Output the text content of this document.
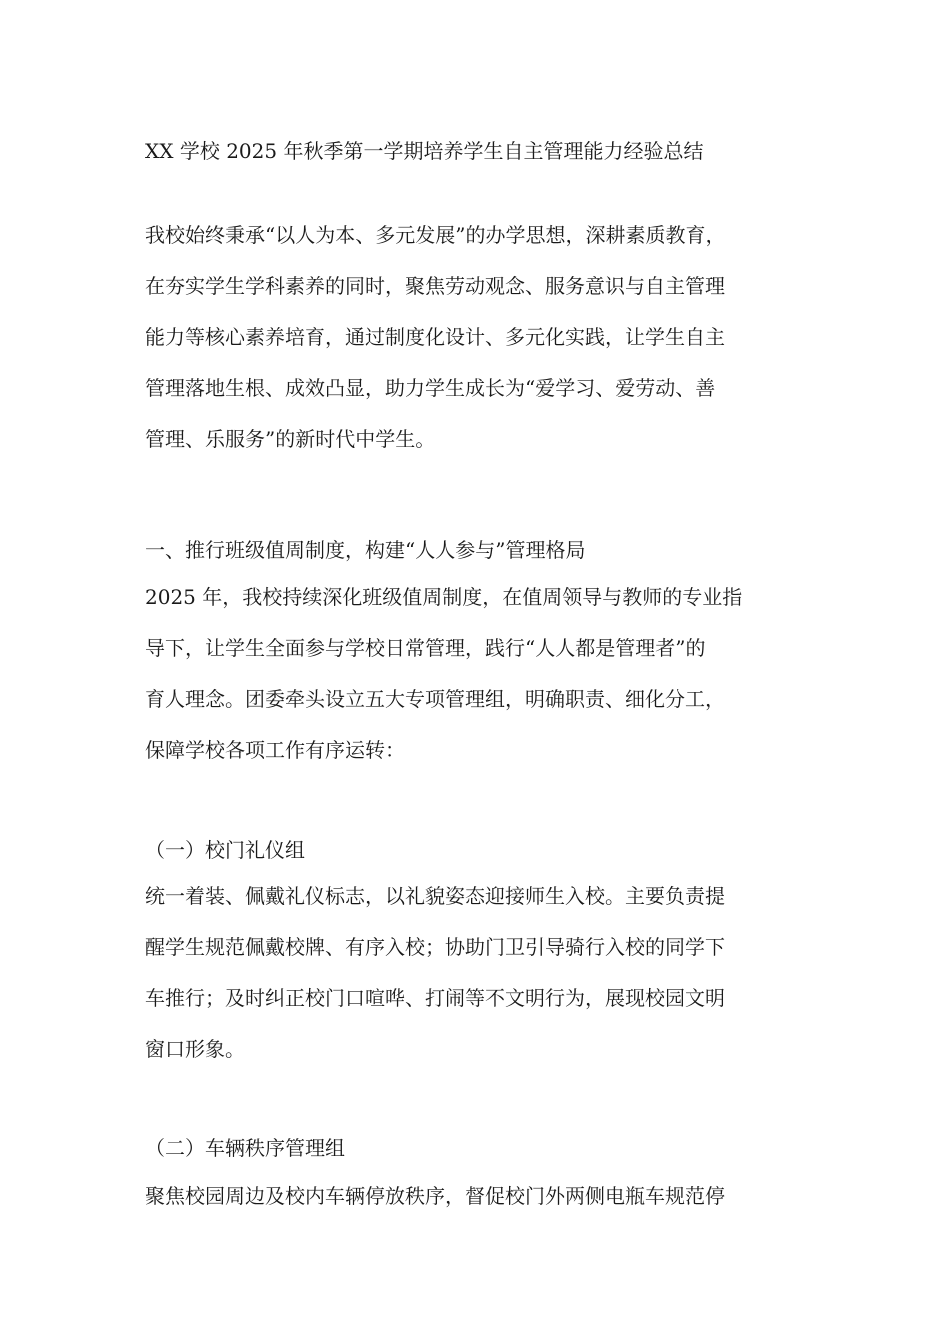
XX 学校 2025 年秋季第一学期培养学生自主管理能力经验总结
我校始终秉承“以人为本、多元发展”的办学思想，深耕素质教育，
在夯实学生学科素养的同时，聚焦劳动观念、服务意识与自主管理
能力等核心素养培育，通过制度化设计、多元化实践，让学生自主
管理落地生根、成效凸显，助力学生成长为“爱学习、爱劳动、善
管理、乐服务”的新时代中学生。
一、推行班级值周制度，构建“人人参与”管理格局
2025 年，我校持续深化班级值周制度，在值周领导与教师的专业指
导下，让学生全面参与学校日常管理，践行“人人都是管理者”的
育人理念。团委牵头设立五大专项管理组，明确职责、细化分工，
保障学校各项工作有序运转：
（一）校门礼仪组
统一着装、佩戴礼仪标志，以礼貌姿态迎接师生入校。主要负责提
醒学生规范佩戴校牌、有序入校；协助门卫引导骑行入校的同学下
车推行；及时纠正校门口喧哗、打闹等不文明行为，展现校园文明
窗口形象。
（二）车辆秩序管理组
聚焦校园周边及校内车辆停放秩序，督促校门外两侧电瓶车规范停
